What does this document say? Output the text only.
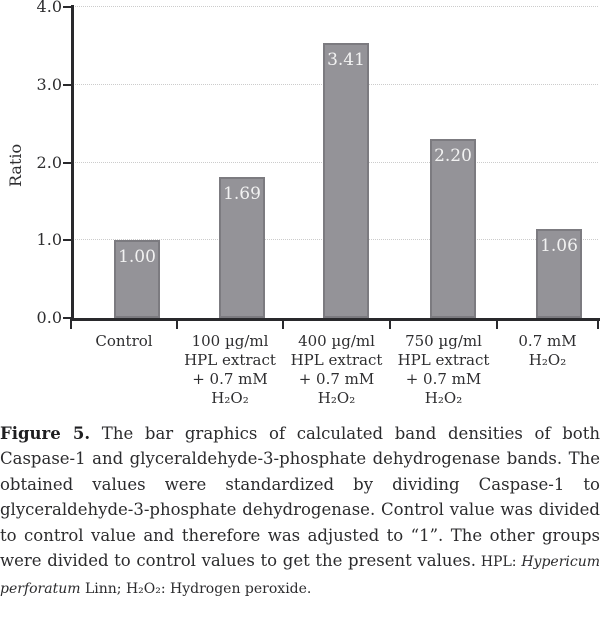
Ratio
1.00
1.69
3.41
2.20
1.06
0.0
1.0
2.0
3.0
4.0
Control	100 µg/ml
HPL extract
+ 0.7 mM
H₂O₂
400 µg/ml
HPL extract
+ 0.7 mM
H₂O₂
750 µg/ml
HPL extract
+ 0.7 mM
H₂O₂
0.7 mM
H₂O₂

Figure 5. The bar graphics of calculated band densities of both Caspase-1 and glyceraldehyde-3-phosphate dehydrogenase bands. The obtained values were standardized by dividing Caspase-1 to glyceraldehyde-3-phosphate dehydrogenase. Control value was divided to control value and therefore was adjusted to “1”. The other groups were divided to control values to get the present values. HPL: Hypericum perforatum Linn; H₂O₂: Hydrogen peroxide.
